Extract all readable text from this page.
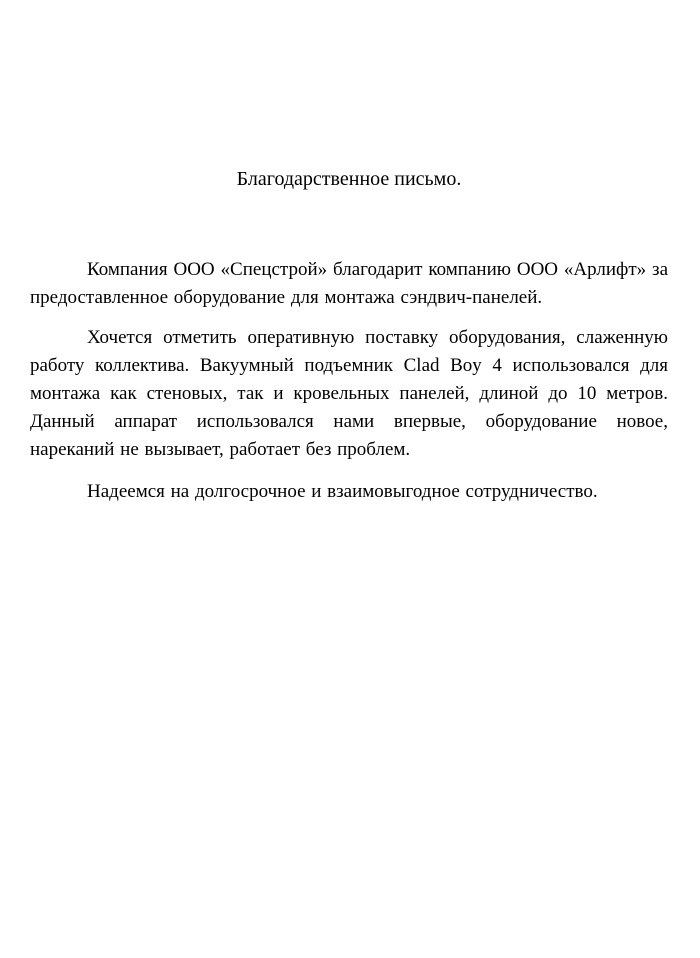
Благодарственное письмо.

Компания ООО «Спецстрой» благодарит компанию ООО «Арлифт» за предоставленное оборудование для монтажа сэндвич-панелей.

Хочется отметить оперативную поставку оборудования, слаженную работу коллектива. Вакуумный подъемник Clad Boy 4 использовался для монтажа как стеновых, так и кровельных панелей, длиной до 10 метров. Данный аппарат использовался нами впервые, оборудование новое, нареканий не вызывает, работает без проблем.

Надеемся на долгосрочное и взаимовыгодное сотрудничество.
